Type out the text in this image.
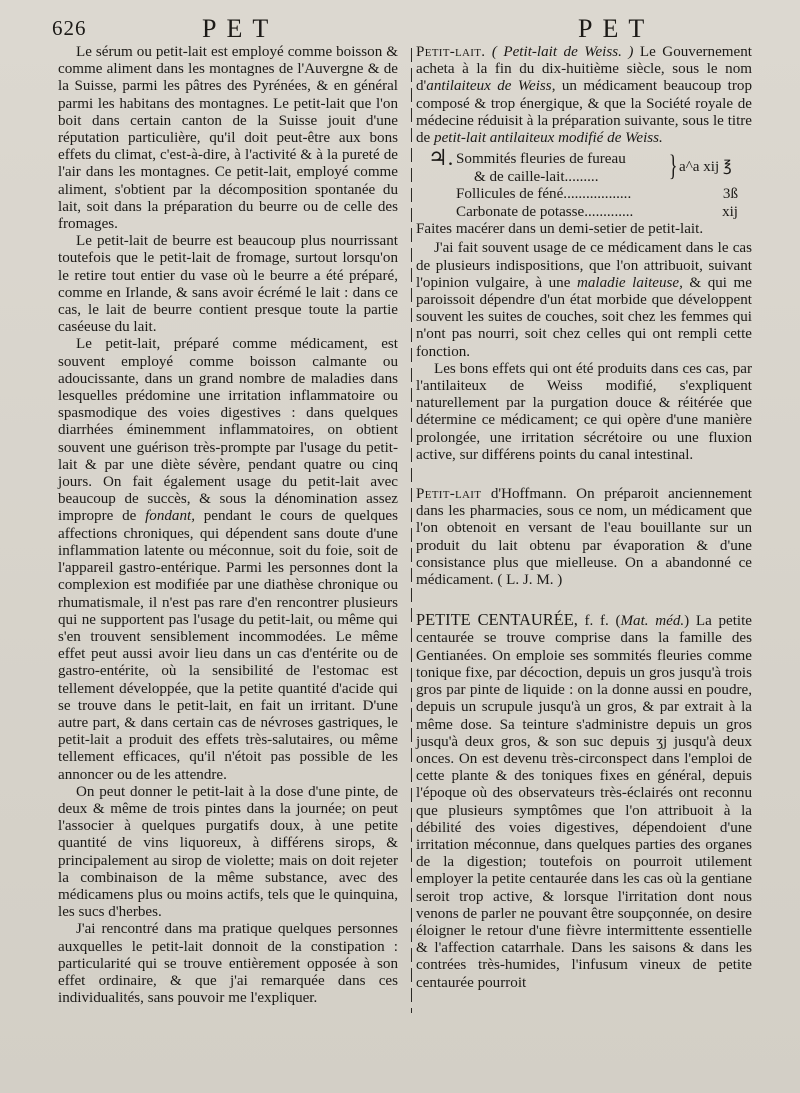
626	PET	PET

Le sérum ou petit-lait est employé comme boisson & comme aliment dans les montagnes de l'Auvergne & de la Suisse, parmi les pâtres des Pyrénées, & en général parmi les habitans des montagnes. Le petit-lait que l'on boit dans certain canton de la Suisse jouit d'une réputation particulière, qu'il doit peut-être aux bons effets du climat, c'est-à-dire, à l'activité & à la pureté de l'air dans les montagnes. Ce petit-lait, employé comme aliment, s'obtient par la décomposition spontanée du lait, soit dans la préparation du beurre ou de celle des fromages.

Le petit-lait de beurre est beaucoup plus nourrissant toutefois que le petit-lait de fromage, surtout lorsqu'on le retire tout entier du vase où le beurre a été préparé, comme en Irlande, & sans avoir écrémé le lait : dans ce cas, le lait de beurre contient presque toute la partie caséeuse du lait.

Le petit-lait, préparé comme médicament, est souvent employé comme boisson calmante ou adoucissante, dans un grand nombre de maladies dans lesquelles prédomine une irritation inflammatoire ou spasmodique des voies digestives : dans quelques diarrhées éminemment inflammatoires, on obtient souvent une guérison très-prompte par l'usage du petit-lait & par une diète sévère, pendant quatre ou cinq jours. On fait également usage du petit-lait avec beaucoup de succès, & sous la dénomination assez impropre de fondant, pendant le cours de quelques affections chroniques, qui dépendent sans doute d'une inflammation latente ou méconnue, soit du foie, soit de l'appareil gastro-entérique. Parmi les personnes dont la complexion est modifiée par une diathèse chronique ou rhumatismale, il n'est pas rare d'en rencontrer plusieurs qui ne supportent pas l'usage du petit-lait, ou même qui s'en trouvent sensiblement incommodées. Le même effet peut aussi avoir lieu dans un cas d'entérite ou de gastro-entérite, où la sensibilité de l'estomac est tellement développée, que la petite quantité d'acide qui se trouve dans le petit-lait, en fait un irritant. D'une autre part, & dans certain cas de névroses gastriques, le petit-lait a produit des effets très-salutaires, ou même tellement efficaces, qu'il n'étoit pas possible de les annoncer ou de les attendre.

On peut donner le petit-lait à la dose d'une pinte, de deux & même de trois pintes dans la journée; on peut l'associer à quelques purgatifs doux, à une petite quantité de vins liquoreux, à différens sirops, & principalement au sirop de violette; mais on doit rejeter la combinaison de la même substance, avec des médicamens plus ou moins actifs, tels que le quinquina, les sucs d'herbes.

J'ai rencontré dans ma pratique quelques personnes auxquelles le petit-lait donnoit de la constipation : particularité qui se trouve entièrement opposée à son effet ordinaire, & que j'ai remarquée dans ces individualités, sans pouvoir me l'expliquer.

Petit-lait. ( Petit-lait de Weiss. ) Le Gouvernement acheta à la fin du dix-huitième siècle, sous le nom d'antilaiteux de Weiss, un médicament beaucoup trop composé & trop énergique, & que la Société royale de médecine réduisit à la préparation suivante, sous le titre de petit-lait antilaiteux modifié de Weiss.

♃. Sommités fleuries de fureau } a^a xij ℥
& de caille-lait.........
Follicules de féné..................	3ß
Carbonate de potasse.............	xij

Faites macérer dans un demi-setier de petit-lait.

J'ai fait souvent usage de ce médicament dans le cas de plusieurs indispositions, que l'on attribuoit, suivant l'opinion vulgaire, à une maladie laiteuse, & qui me paroissoit dépendre d'un état morbide que développent souvent les suites de couches, soit chez les femmes qui n'ont pas nourri, soit chez celles qui ont rempli cette fonction.

Les bons effets qui ont été produits dans ces cas, par l'antilaiteux de Weiss modifié, s'expliquent naturellement par la purgation douce & réitérée que détermine ce médicament; ce qui opère d'une manière prolongée, une irritation sécrétoire ou une fluxion active, sur différens points du canal intestinal.

Petit-lait d'Hoffmann. On préparoit anciennement dans les pharmacies, sous ce nom, un médicament que l'on obtenoit en versant de l'eau bouillante sur un produit du lait obtenu par évaporation & d'une consistance plus que mielleuse. On a abandonné ce médicament. ( L. J. M. )

PETITE CENTAURÉE, f. f. (Mat. méd.) La petite centaurée se trouve comprise dans la famille des Gentianées. On emploie ses sommités fleuries comme tonique fixe, par décoction, depuis un gros jusqu'à trois gros par pinte de liquide : on la donne aussi en poudre, depuis un scrupule jusqu'à un gros, & par extrait à la même dose. Sa teinture s'administre depuis un gros jusqu'à deux gros, & son suc depuis ʒj jusqu'à deux onces. On est devenu très-circonspect dans l'emploi de cette plante & des toniques fixes en général, depuis l'époque où des observateurs très-éclairés ont reconnu que plusieurs symptômes que l'on attribuoit à la débilité des voies digestives, dépendoient d'une irritation méconnue, dans quelques parties des organes de la digestion; toutefois on pourroit utilement employer la petite centaurée dans les cas où la gentiane seroit trop active, & lorsque l'irritation dont nous venons de parler ne pouvant être soupçonnée, on desire éloigner le retour d'une fièvre intermittente essentielle & l'affection catarrhale. Dans les saisons & dans les contrées très-humides, l'infusum vineux de petite centaurée pourroit
